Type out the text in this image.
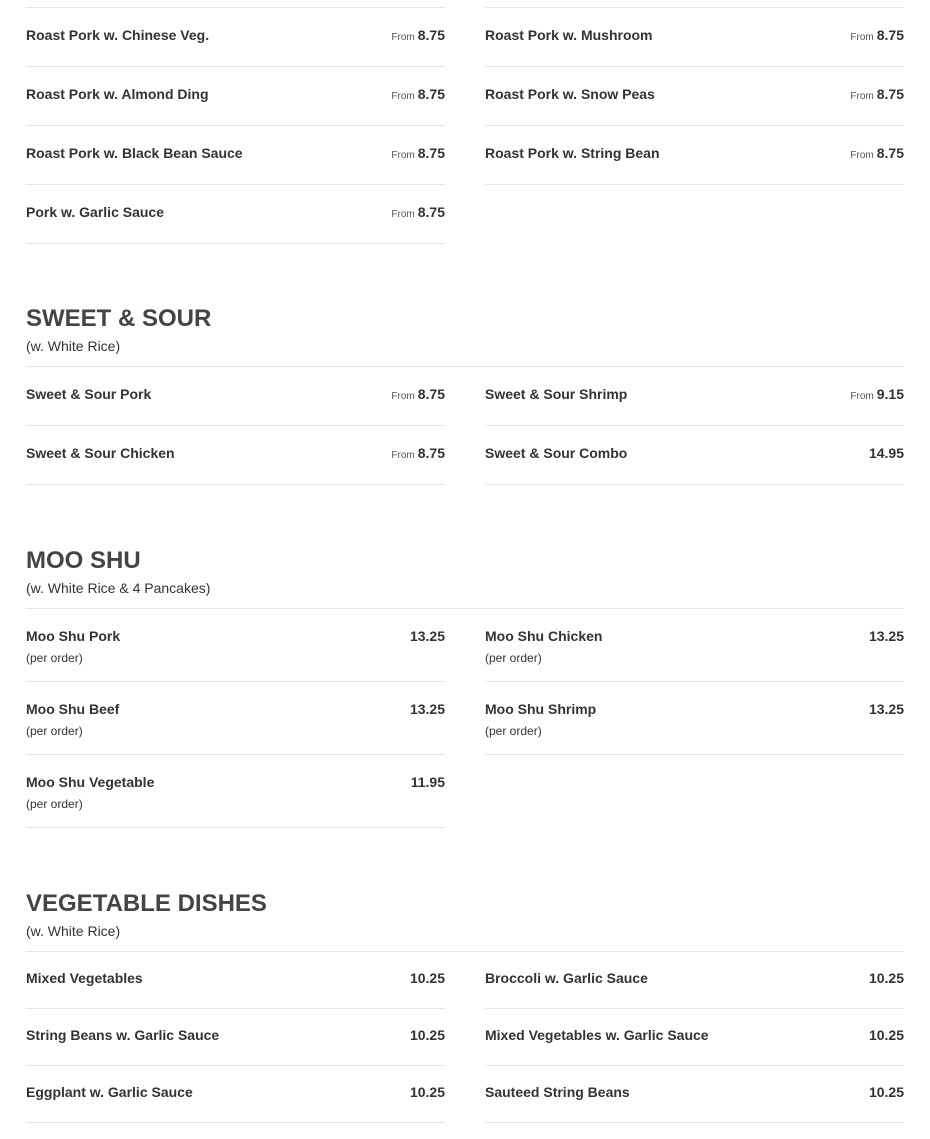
Roast Pork w. Chinese Veg.	From 8.75	Roast Pork w. Mushroom	From 8.75
Roast Pork w. Almond Ding	From 8.75	Roast Pork w. Snow Peas	From 8.75
Roast Pork w. Black Bean Sauce	From 8.75	Roast Pork w. String Bean	From 8.75
Pork w. Garlic Sauce	From 8.75
SWEET & SOUR
(w. White Rice)
Sweet & Sour Pork	From 8.75	Sweet & Sour Shrimp	From 9.15
Sweet & Sour Chicken	From 8.75	Sweet & Sour Combo	14.95
MOO SHU
(w. White Rice & 4 Pancakes)
Moo Shu Pork	13.25
(per order)
Moo Shu Chicken	13.25
(per order)
Moo Shu Beef	13.25
(per order)
Moo Shu Shrimp	13.25
(per order)
Moo Shu Vegetable	11.95
(per order)
VEGETABLE DISHES
(w. White Rice)
Mixed Vegetables	10.25	Broccoli w. Garlic Sauce	10.25
String Beans w. Garlic Sauce	10.25	Mixed Vegetables w. Garlic Sauce	10.25
Eggplant w. Garlic Sauce	10.25	Sauteed String Beans	10.25
